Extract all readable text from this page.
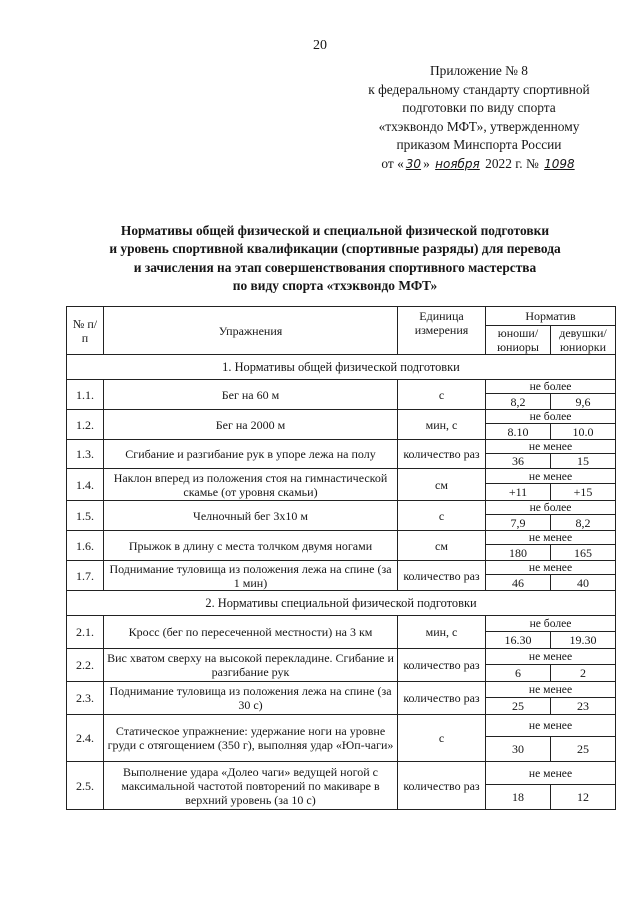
20
Приложение № 8
к федеральному стандарту спортивной
подготовки по виду спорта
«тхэквондо МФТ», утвержденному
приказом Минспорта России
от « 30 » ноября 2022 г. № 1098
Нормативы общей физической и специальной физической подготовки
и уровень спортивной квалификации (спортивные разряды) для перевода
и зачисления на этап совершенствования спортивного мастерства
по виду спорта «тхэквондо МФТ»
№ п/п	Упражнения	Единица измерения	Норматив	
			юноши/ юниоры	девушки/ юниорки
1. Нормативы общей физической подготовки				
1.1.	Бег на 60 м	с	не более	
			8,2	9,6
1.2.	Бег на 2000 м	мин, с	не более	
			8.10	10.0
1.3.	Сгибание и разгибание рук в упоре лежа на полу	количество раз	не менее	
			36	15
1.4.	Наклон вперед из положения стоя на гимнастической скамье (от уровня скамьи)	см	не менее	
			+11	+15
1.5.	Челночный бег 3х10 м	с	не более	
			7,9	8,2
1.6.	Прыжок в длину с места толчком двумя ногами	см	не менее	
			180	165
1.7.	Поднимание туловища из положения лежа на спине (за 1 мин)	количество раз	не менее	
			46	40
2. Нормативы специальной физической подготовки				
2.1.	Кросс (бег по пересеченной местности) на 3 км	мин, с	не более	
			16.30	19.30
2.2.	Вис хватом сверху на высокой перекладине. Сгибание и разгибание рук	количество раз	не менее	
			6	2
2.3.	Поднимание туловища из положения лежа на спине (за 30 с)	количество раз	не менее	
			25	23
2.4.	Статическое упражнение: удержание ноги на уровне груди с отягощением (350 г), выполняя удар «Юп-чаги»	с	не менее	
			30	25
2.5.	Выполнение удара «Долео чаги» ведущей ногой с максимальной частотой повторений по макиваре в верхний уровень (за 10 с)	количество раз	не менее	
			18	12
